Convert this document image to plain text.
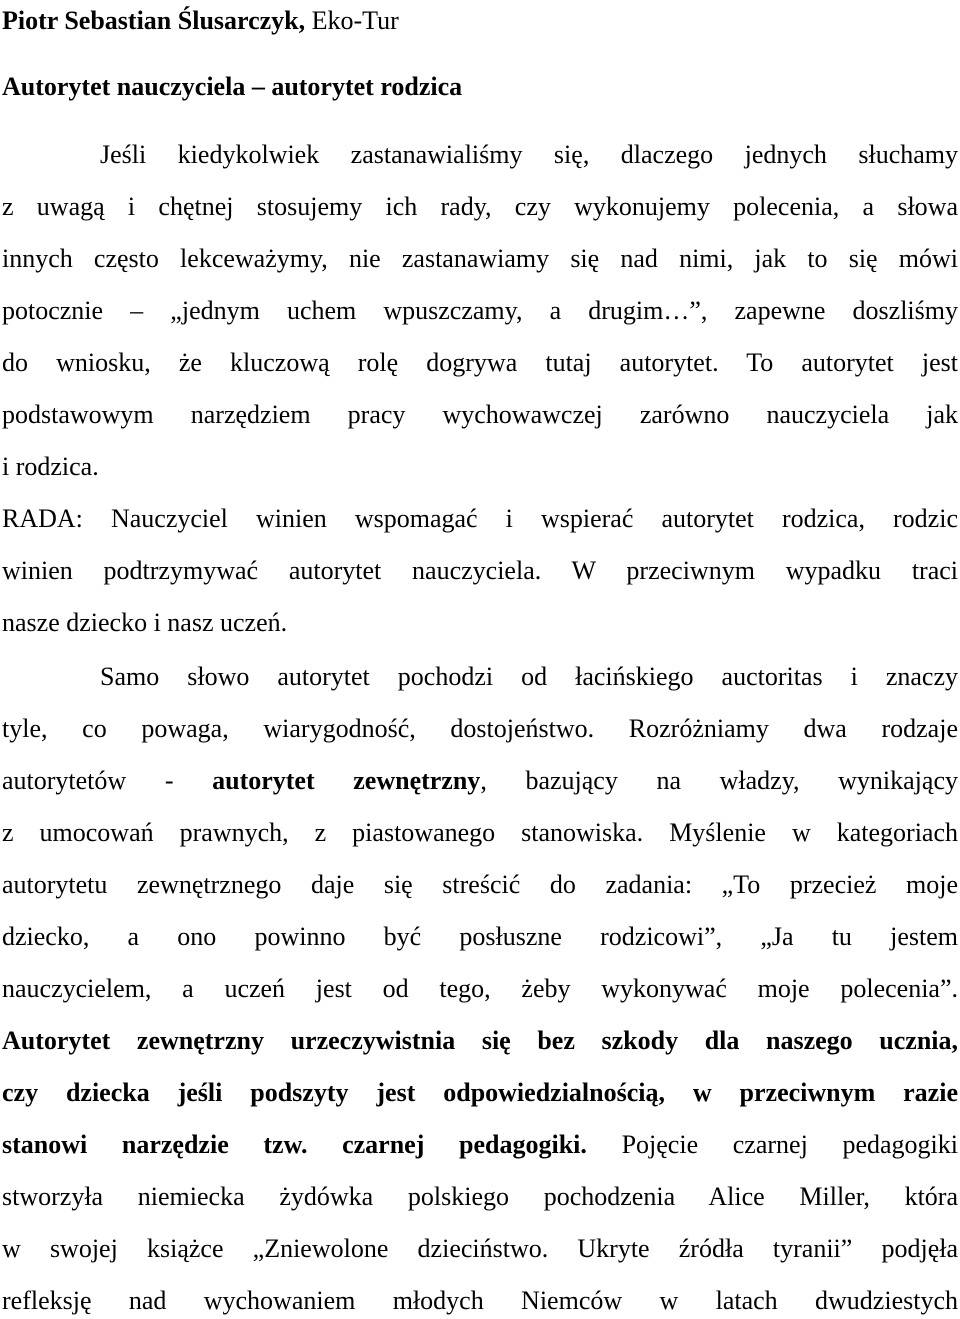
Piotr Sebastian Ślusarczyk, Eko-Tur
Autorytet nauczyciela – autorytet rodzica
Jeśli kiedykolwiek zastanawialiśmy się, dlaczego jednych słuchamy
z uwagą i chętnej stosujemy ich rady, czy wykonujemy polecenia, a słowa
innych często lekceważymy, nie zastanawiamy się nad nimi, jak to się mówi
potocznie – „jednym uchem wpuszczamy, a drugim…”, zapewne doszliśmy
do wniosku, że kluczową rolę dogrywa tutaj autorytet. To autorytet jest
podstawowym narzędziem pracy wychowawczej zarówno nauczyciela jak
i rodzica.
RADA: Nauczyciel winien wspomagać i wspierać autorytet rodzica, rodzic
winien podtrzymywać autorytet nauczyciela. W przeciwnym wypadku traci
nasze dziecko i nasz uczeń.
Samo słowo autorytet pochodzi od łacińskiego auctoritas i znaczy
tyle, co powaga, wiarygodność, dostojeństwo. Rozróżniamy dwa rodzaje
autorytetów - autorytet zewnętrzny, bazujący na władzy, wynikający
z umocowań prawnych, z piastowanego stanowiska. Myślenie w kategoriach
autorytetu zewnętrznego daje się streścić do zadania: „To przecież moje
dziecko, a ono powinno być posłuszne rodzicowi”, „Ja tu jestem
nauczycielem, a uczeń jest od tego, żeby wykonywać moje polecenia”.
Autorytet zewnętrzny urzeczywistnia się bez szkody dla naszego ucznia,
czy dziecka jeśli podszyty jest odpowiedzialnością, w przeciwnym razie
stanowi narzędzie tzw. czarnej pedagogiki. Pojęcie czarnej pedagogiki
stworzyła niemiecka żydówka polskiego pochodzenia Alice Miller, która
w swojej książce „Zniewolone dzieciństwo. Ukryte źródła tyranii” podjęła
refleksję nad wychowaniem młodych Niemców w latach dwudziestych
